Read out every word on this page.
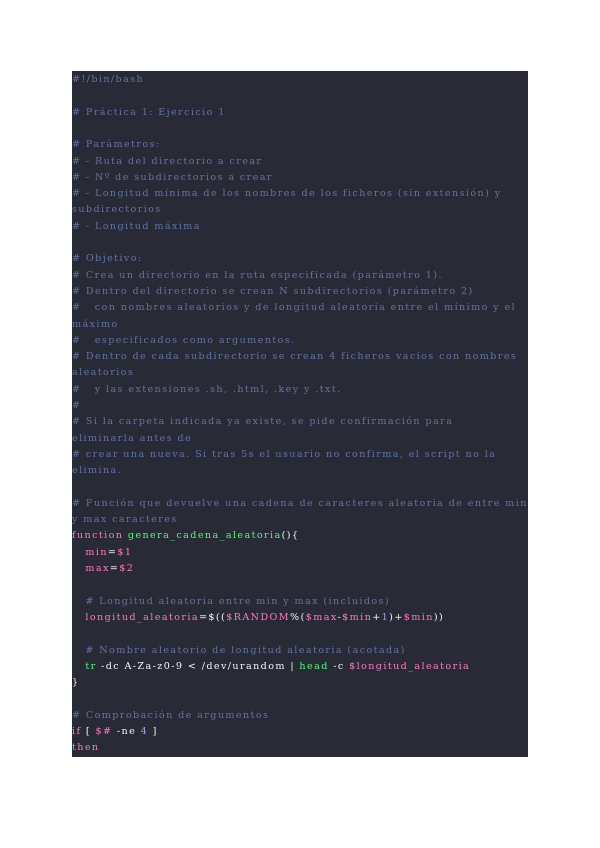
#!/bin/bash
# Práctica 1: Ejercicio 1
# Parámetros:
# - Ruta del directorio a crear
# - Nº de subdirectorios a crear
# - Longitud mínima de los nombres de los ficheros (sin extensión) y
subdirectorios
# - Longitud máxima
# Objetivo:
# Crea un directorio en la ruta especificada (parámetro 1).
# Dentro del directorio se crean N subdirectorios (parámetro 2)
#   con nombres aleatorios y de longitud aleatoria entre el mínimo y el
máximo
#   especificados como argumentos.
# Dentro de cada subdirectorio se crean 4 ficheros vacíos con nombres
aleatorios
#   y las extensiones .sh, .html, .key y .txt.
#
# Si la carpeta indicada ya existe, se pide confirmación para
eliminarla antes de
# crear una nueva. Si tras 5s el usuario no confirma, el script no la
elimina.
# Función que devuelve una cadena de caracteres aleatoria de entre min
y max caracteres
function genera_cadena_aleatoria(){
min=$1
max=$2
# Longitud aleatoria entre min y max (incluidos)
longitud_aleatoria=$(($RANDOM%($max-$min+1)+$min))
# Nombre aleatorio de longitud aleatoria (acotada)
tr -dc A-Za-z0-9 < /dev/urandom | head -c $longitud_aleatoria
}
# Comprobación de argumentos
if [ $# -ne 4 ]
then
